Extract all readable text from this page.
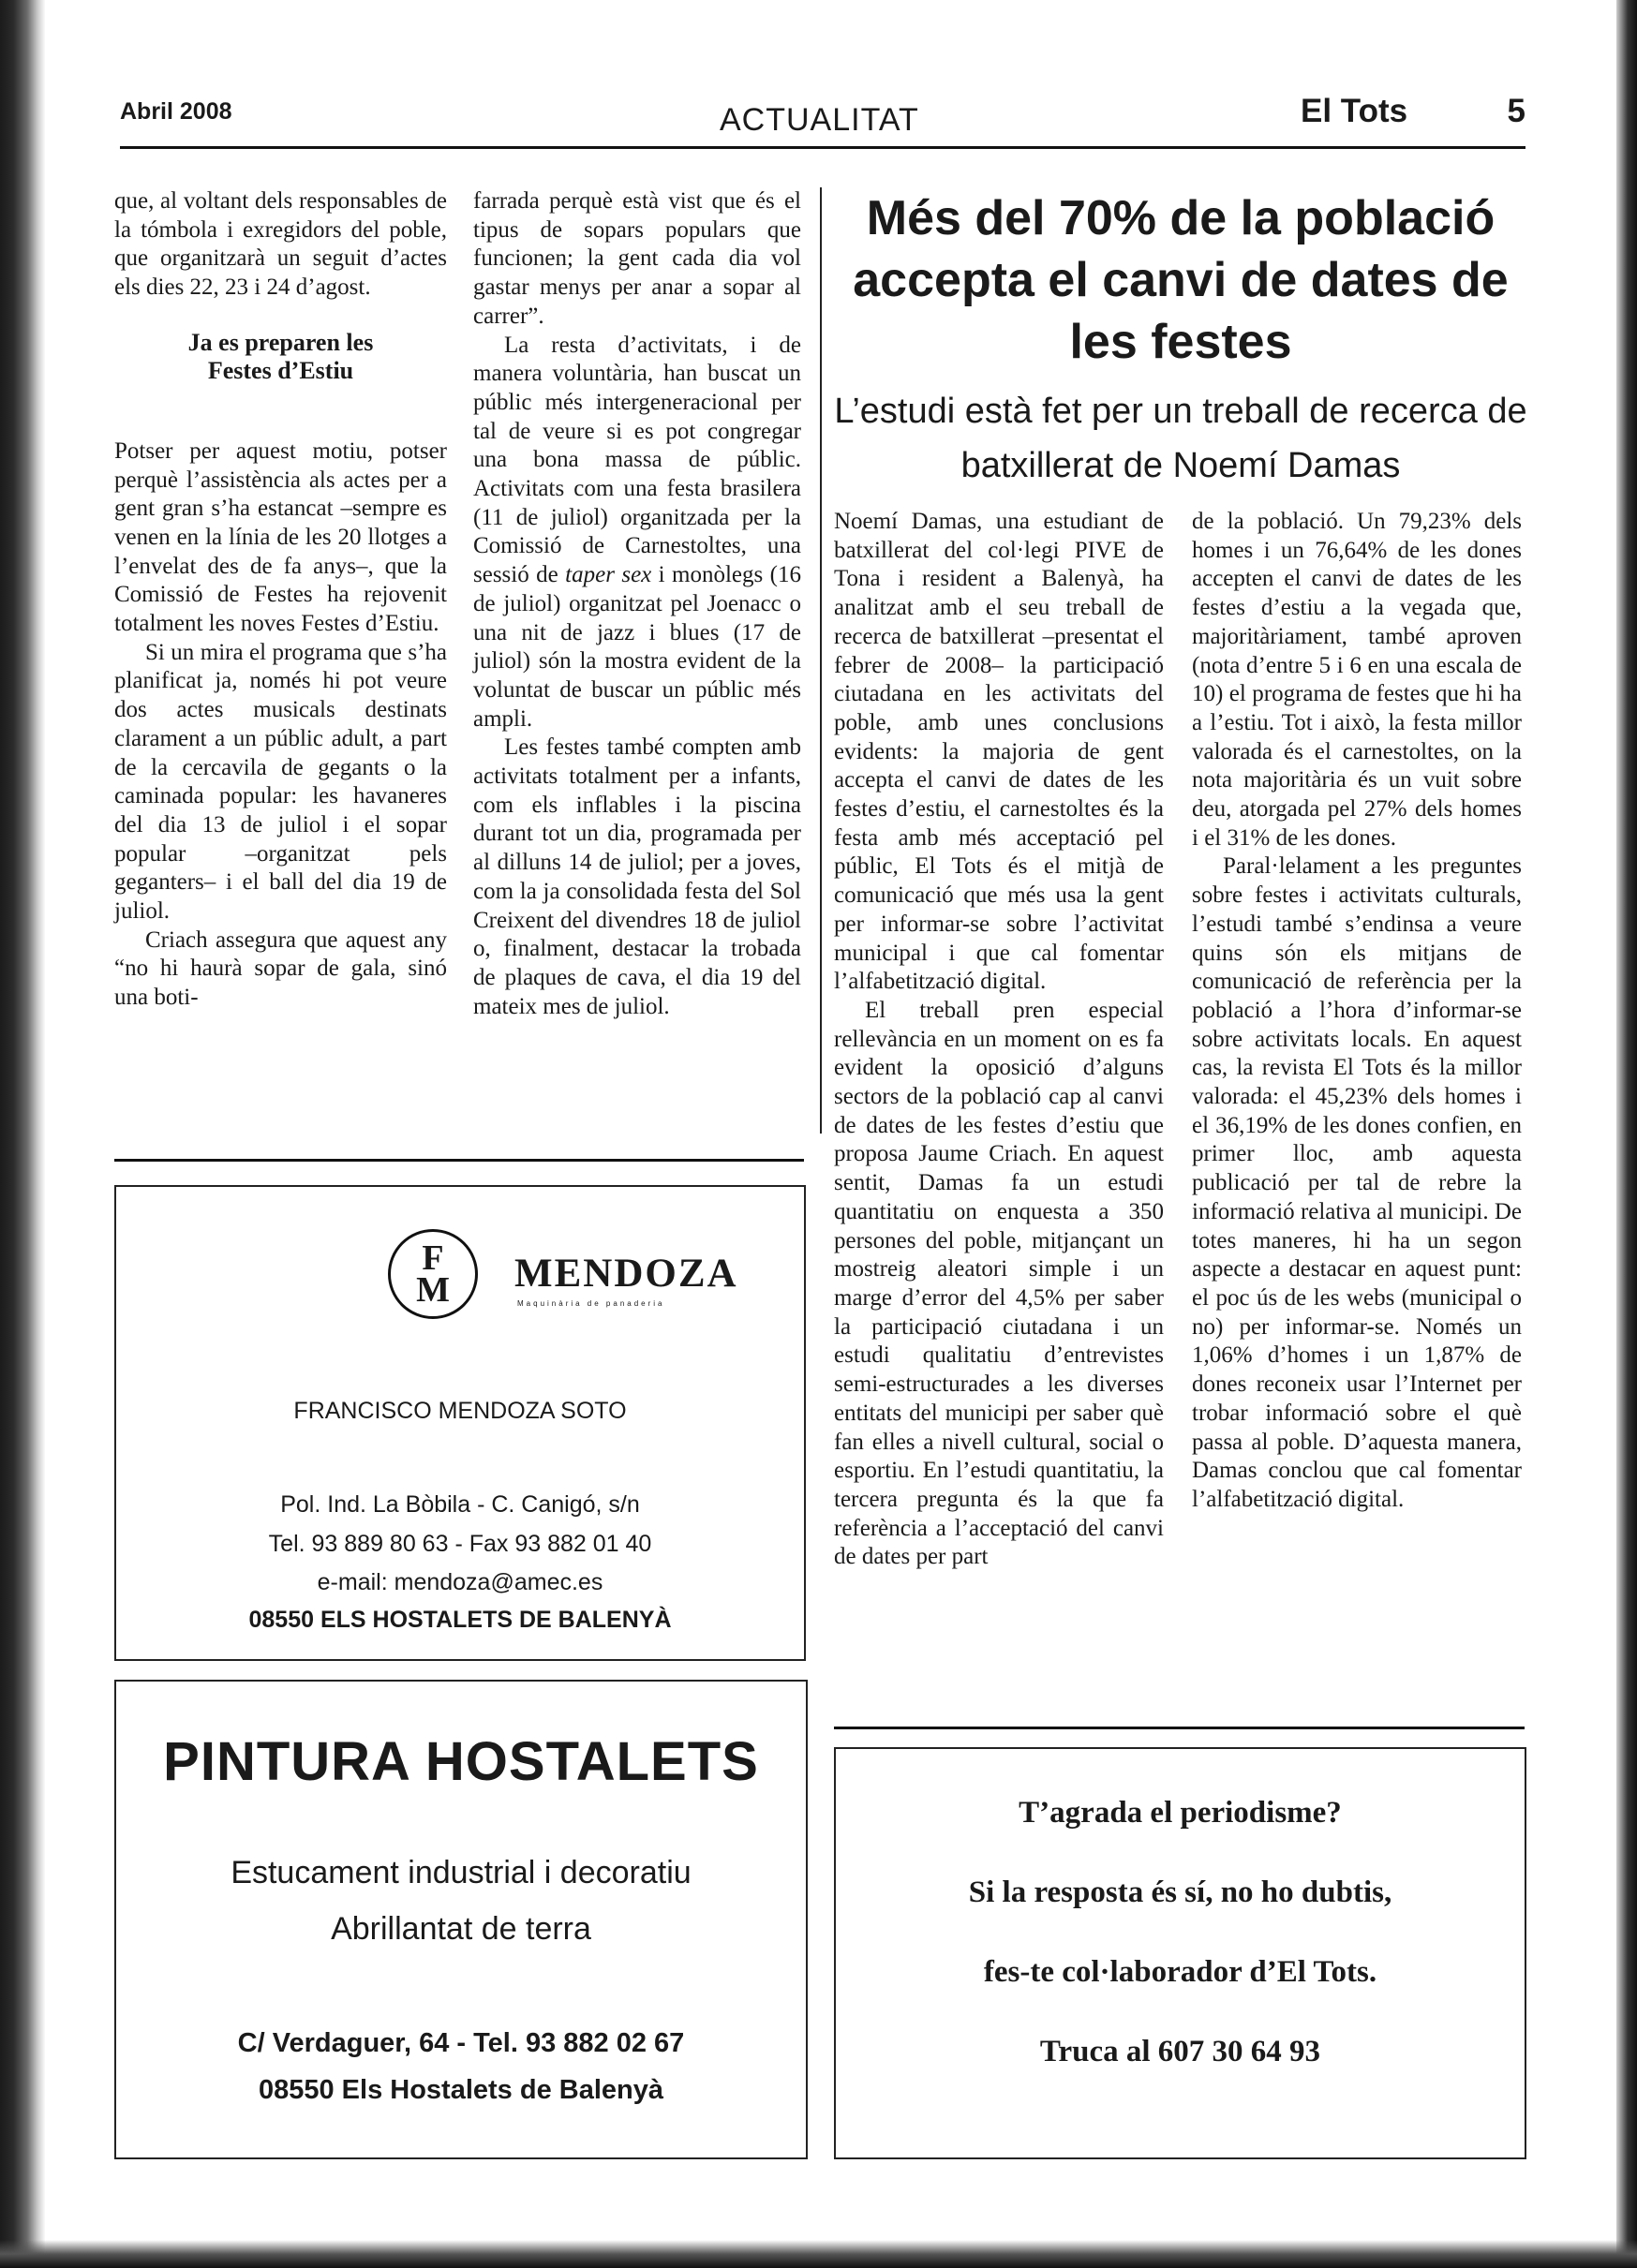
Abril 2008	ACTUALITAT	El Tots	5

que, al voltant dels responsables de la tómbola i exregidors del poble, que organitzarà un seguit d’actes els dies 22, 23 i 24 d’agost.

Ja es preparen les
Festes d’Estiu

Potser per aquest motiu, potser perquè l’assistència als actes per a gent gran s’ha estancat –sempre es venen en la línia de les 20 llotges a l’envelat des de fa anys–, que la Comissió de Festes ha rejovenit totalment les noves Festes d’Estiu.

Si un mira el programa que s’ha planificat ja, només hi pot veure dos actes musicals destinats clarament a un públic adult, a part de la cercavila de gegants o la caminada popular: les havaneres del dia 13 de juliol i el sopar popular –organitzat pels geganters– i el ball del dia 19 de juliol.

Criach assegura que aquest any “no hi haurà sopar de gala, sinó una boti-

farrada perquè està vist que és el tipus de sopars populars que funcionen; la gent cada dia vol gastar menys per anar a sopar al carrer”.

La resta d’activitats, i de manera voluntària, han buscat un públic més intergeneracional per tal de veure si es pot congregar una bona massa de públic. Activitats com una festa brasilera (11 de juliol) organitzada per la Comissió de Carnestoltes, una sessió de taper sex i monòlegs (16 de juliol) organitzat pel Joenacc o una nit de jazz i blues (17 de juliol) són la mostra evident de la voluntat de buscar un públic més ampli.

Les festes també compten amb activitats totalment per a infants, com els inflables i la piscina durant tot un dia, programada per al dilluns 14 de juliol; per a joves, com la ja consolidada festa del Sol Creixent del divendres 18 de juliol o, finalment, destacar la trobada de plaques de cava, el dia 19 del mateix mes de juliol.

Més del 70% de la població accepta el canvi de dates de les festes
L’estudi està fet per un treball de recerca de batxillerat de Noemí Damas

Noemí Damas, una estudiant de batxillerat del col·legi PIVE de Tona i resident a Balenyà, ha analitzat amb el seu treball de recerca de batxillerat –presentat el febrer de 2008– la participació ciutadana en les activitats del poble, amb unes conclusions evidents: la majoria de gent accepta el canvi de dates de les festes d’estiu, el carnestoltes és la festa amb més acceptació pel públic, El Tots és el mitjà de comunicació que més usa la gent per informar-se sobre l’activitat municipal i que cal fomentar l’alfabetització digital.

El treball pren especial rellevància en un moment on es fa evident la oposició d’alguns sectors de la població cap al canvi de dates de les festes d’estiu que proposa Jaume Criach. En aquest sentit, Damas fa un estudi quantitatiu on enquesta a 350 persones del poble, mitjançant un mostreig aleatori simple i un marge d’error del 4,5% per saber la participació ciutadana i un estudi qualitatiu d’entrevistes semi-estructurades a les diverses entitats del municipi per saber què fan elles a nivell cultural, social o esportiu. En l’estudi quantitatiu, la tercera pregunta és la que fa referència a l’acceptació del canvi de dates per part

de la població. Un 79,23% dels homes i un 76,64% de les dones accepten el canvi de dates de les festes d’estiu a la vegada que, majoritàriament, també aproven (nota d’entre 5 i 6 en una escala de 10) el programa de festes que hi ha a l’estiu. Tot i això, la festa millor valorada és el carnestoltes, on la nota majoritària és un vuit sobre deu, atorgada pel 27% dels homes i el 31% de les dones.

Paral·lelament a les preguntes sobre festes i activitats culturals, l’estudi també s’endinsa a veure quins són els mitjans de comunicació de referència per la població a l’hora d’informar-se sobre activitats locals. En aquest cas, la revista El Tots és la millor valorada: el 45,23% dels homes i el 36,19% de les dones confien, en primer lloc, amb aquesta publicació per tal de rebre la informació relativa al municipi. De totes maneres, hi ha un segon aspecte a destacar en aquest punt: el poc ús de les webs (municipal o no) per informar-se. Només un 1,06% d’homes i un 1,87% de dones reconeix usar l’Internet per trobar informació sobre el què passa al poble. D’aquesta manera, Damas conclou que cal fomentar l’alfabetització digital.

F
M	MENDOZA
Maquinària de panaderia
FRANCISCO MENDOZA SOTO
Pol. Ind. La Bòbila - C. Canigó, s/n
Tel. 93 889 80 63 - Fax 93 882 01 40
e-mail: mendoza@amec.es
08550 ELS HOSTALETS DE BALENYÀ
PINTURA HOSTALETS
Estucament industrial i decoratiu
Abrillantat de terra
C/ Verdaguer, 64 - Tel. 93 882 02 67
08550 Els Hostalets de Balenyà
T’agrada el periodisme?
Si la resposta és sí, no ho dubtis,
fes-te col·laborador d’El Tots.
Truca al 607 30 64 93
